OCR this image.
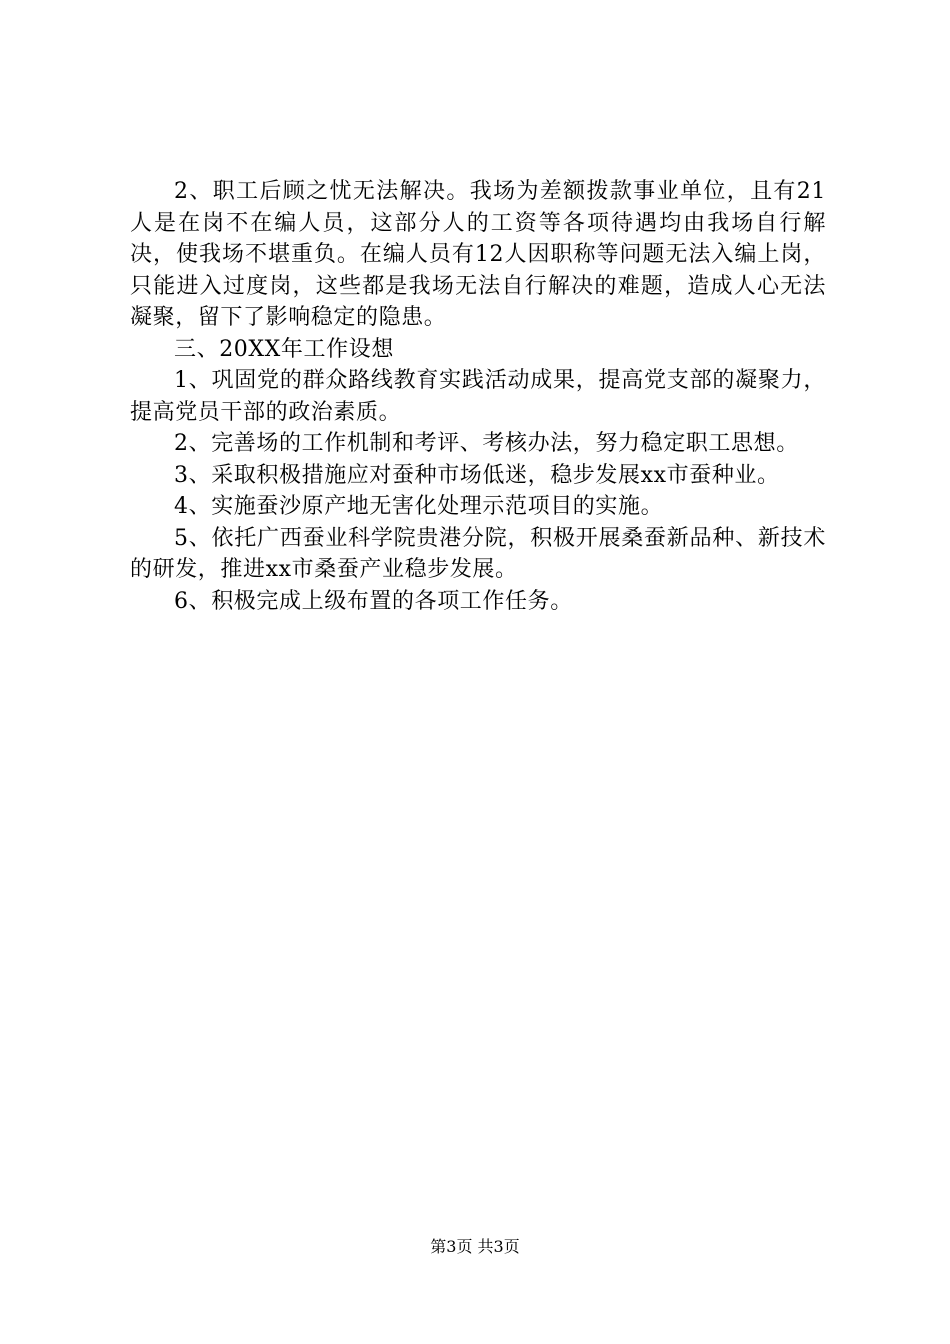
2、职工后顾之忧无法解决。我场为差额拨款事业单位，且有21人是在岗不在编人员，这部分人的工资等各项待遇均由我场自行解决，使我场不堪重负。在编人员有12人因职称等问题无法入编上岗，只能进入过度岗，这些都是我场无法自行解决的难题，造成人心无法凝聚，留下了影响稳定的隐患。

三、20XX年工作设想

1、巩固党的群众路线教育实践活动成果，提高党支部的凝聚力，提高党员干部的政治素质。

2、完善场的工作机制和考评、考核办法，努力稳定职工思想。

3、采取积极措施应对蚕种市场低迷，稳步发展xx市蚕种业。

4、实施蚕沙原产地无害化处理示范项目的实施。

5、依托广西蚕业科学院贵港分院，积极开展桑蚕新品种、新技术的研发，推进xx市桑蚕产业稳步发展。

6、积极完成上级布置的各项工作任务。

第3页 共3页
